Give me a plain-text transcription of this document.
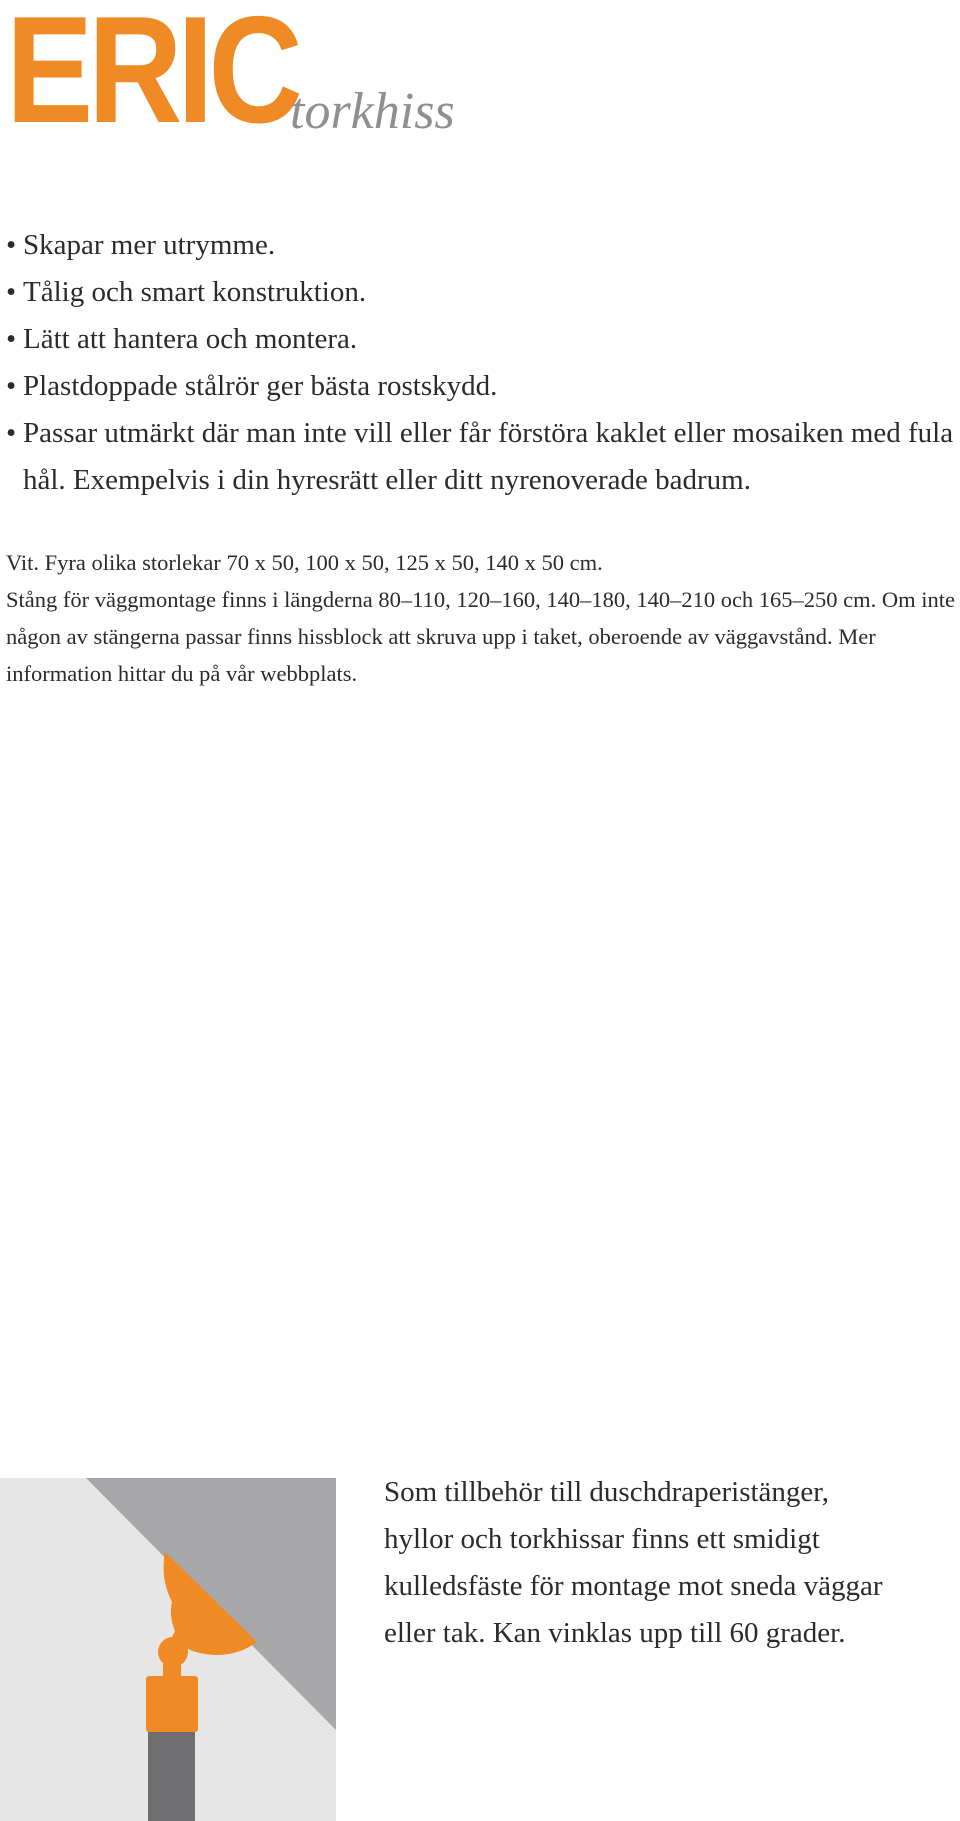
ERIC
torkhiss
• Skapar mer utrymme.
• Tålig och smart konstruktion.
• Lätt att hantera och montera.
• Plastdoppade stålrör ger bästa rostskydd.
• Passar utmärkt där man inte vill eller får förstöra kaklet eller mosaiken med fula hål. Exempelvis i din hyresrätt eller ditt nyrenoverade badrum.

Vit. Fyra olika storlekar 70 x 50, 100 x 50, 125 x 50, 140 x 50 cm.

Stång för väggmontage finns i längderna 80–110, 120–160, 140–180, 140–210 och 165–250 cm. Om inte någon av stängerna passar finns hissblock att skruva upp i taket, oberoende av väggavstånd. Mer information hittar du på vår webbplats.

Som tillbehör till duschdraperistänger, hyllor och torkhissar finns ett smidigt kulledsfäste för montage mot sneda väggar eller tak. Kan vinklas upp till 60 grader.
